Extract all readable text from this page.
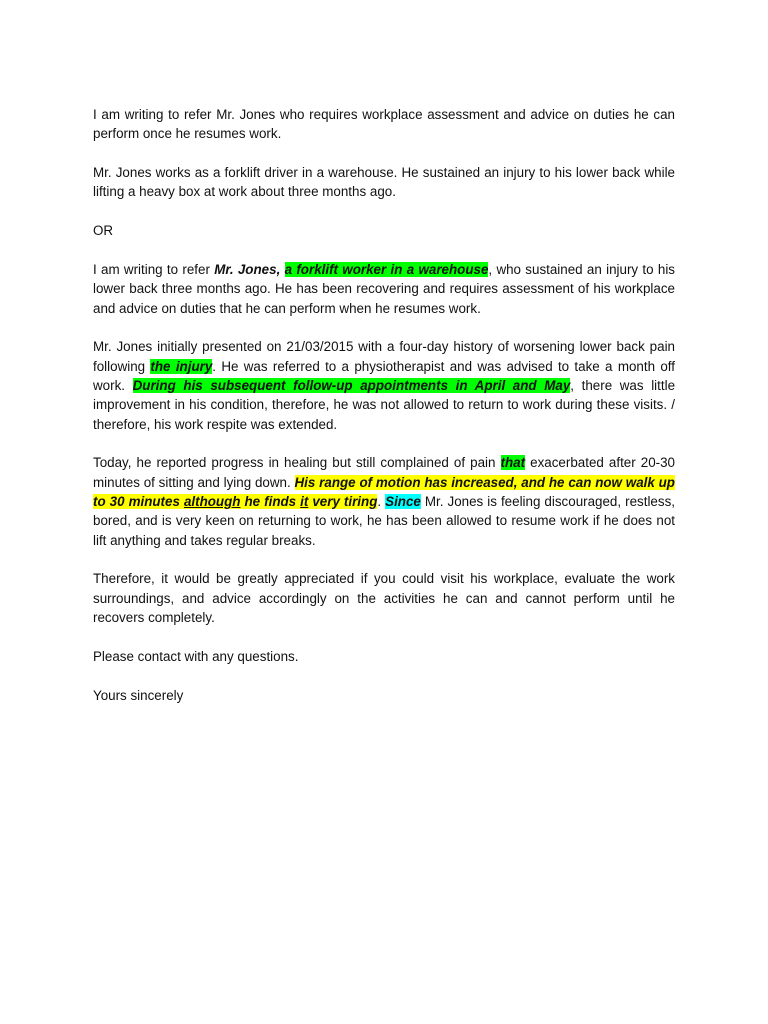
I am writing to refer Mr. Jones who requires workplace assessment and advice on duties he can perform once he resumes work.

Mr. Jones works as a forklift driver in a warehouse. He sustained an injury to his lower back while lifting a heavy box at work about three months ago.

OR

I am writing to refer Mr. Jones, a forklift worker in a warehouse, who sustained an injury to his lower back three months ago. He has been recovering and requires assessment of his workplace and advice on duties that he can perform when he resumes work.

Mr. Jones initially presented on 21/03/2015 with a four-day history of worsening lower back pain following the injury. He was referred to a physiotherapist and was advised to take a month off work. During his subsequent follow-up appointments in April and May, there was little improvement in his condition, therefore, he was not allowed to return to work during these visits. / therefore, his work respite was extended.

Today, he reported progress in healing but still complained of pain that exacerbated after 20-30 minutes of sitting and lying down. His range of motion has increased, and he can now walk up to 30 minutes although he finds it very tiring. Since Mr. Jones is feeling discouraged, restless, bored, and is very keen on returning to work, he has been allowed to resume work if he does not lift anything and takes regular breaks.

Therefore, it would be greatly appreciated if you could visit his workplace, evaluate the work surroundings, and advice accordingly on the activities he can and cannot perform until he recovers completely.

Please contact with any questions.

Yours sincerely
